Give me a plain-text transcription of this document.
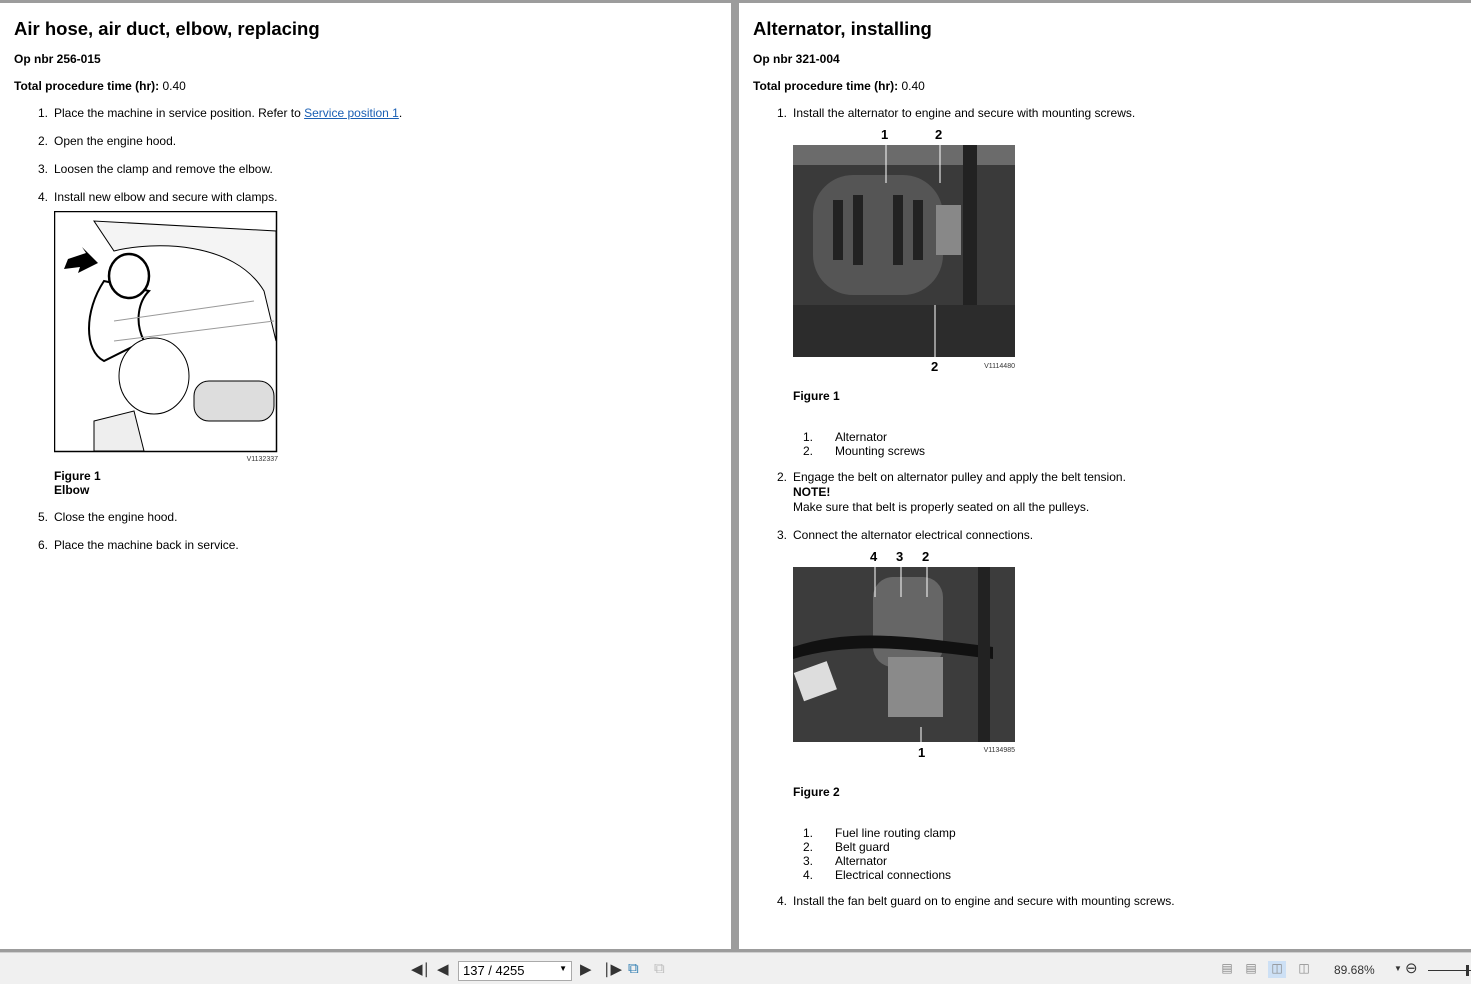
Air hose, air duct, elbow, replacing
Op nbr 256-015
Total procedure time (hr): 0.40
1. Place the machine in service position. Refer to Service position 1.
2. Open the engine hood.
3. Loosen the clamp and remove the elbow.
4. Install new elbow and secure with clamps.
V1132337
Figure 1
Elbow
5. Close the engine hood.
6. Place the machine back in service.
Alternator, installing
Op nbr 321-004
Total procedure time (hr): 0.40
1. Install the alternator to engine and secure with mounting screws.
1	2
2	V1114480
Figure 1
1. Alternator
2. Mounting screws
2. Engage the belt on alternator pulley and apply the belt tension.
NOTE!
Make sure that belt is properly seated on all the pulleys.
3. Connect the alternator electrical connections.
4 3 2
1	V1134985
Figure 2
1. Fuel line routing clamp
2. Belt guard
3. Alternator
4. Electrical connections
4. Install the fan belt guard on to engine and secure with mounting screws.
◀∣ ◀	137 / 4255	▼ ▶ ∣▶ ⧉ ⧉	▤ ▤ ◫ ◫ 89.68% ▼ ⊖
